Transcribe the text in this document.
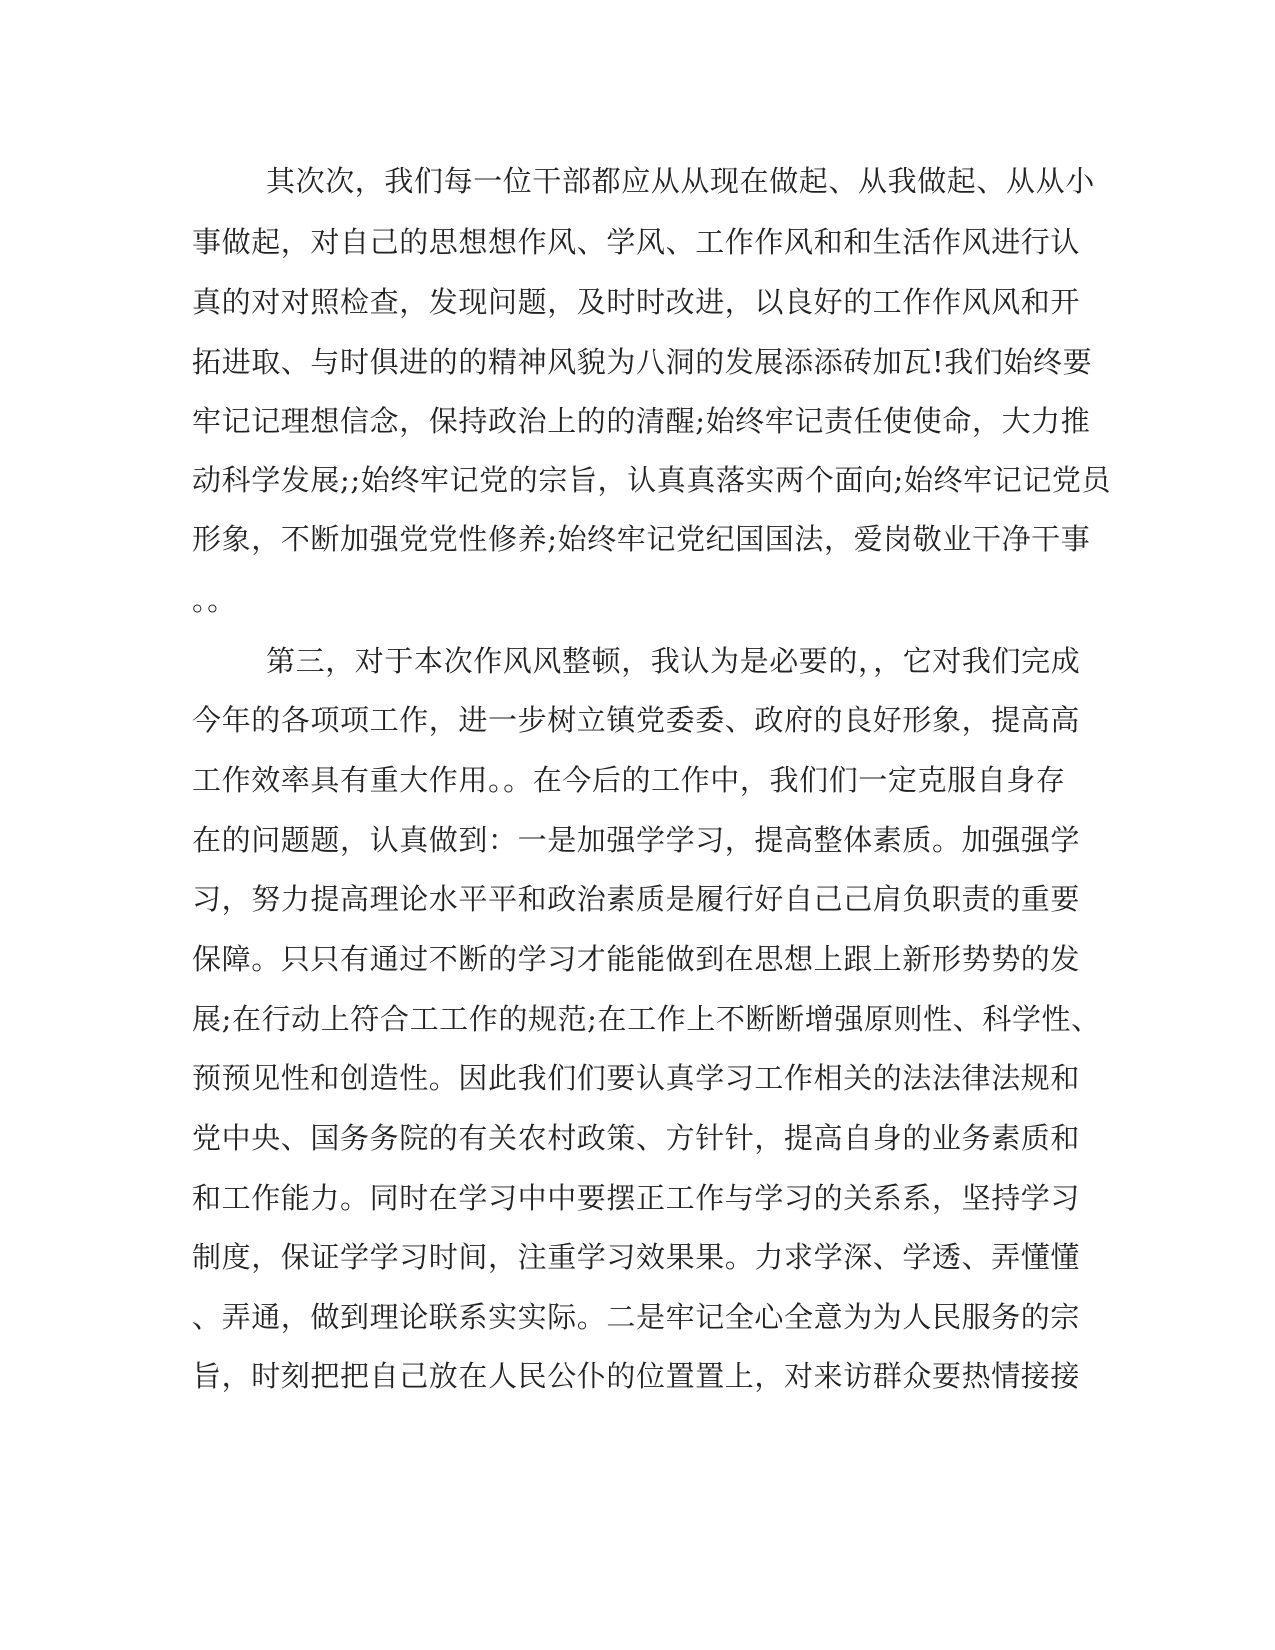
其次次，我们每一位干部都应从从现在做起、从我做起、从从小
事做起，对自己的思想想作风、学风、工作作风和和生活作风进行认
真的对对照检查，发现问题，及时时改进，以良好的工作作风风和开
拓进取、与时俱进的的精神风貌为八洞的发展添添砖加瓦!我们始终要
牢记记理想信念，保持政治上的的清醒;始终牢记责任使使命，大力推
动科学发展;;始终牢记党的宗旨，认真真落实两个面向;始终牢记记党员
形象，不断加强党党性修养;始终牢记党纪国国法，爱岗敬业干净干事
。。
第三，对于本次作风风整顿，我认为是必要的，，它对我们完成
今年的各项项工作，进一步树立镇党委委、政府的良好形象，提高高
工作效率具有重大作用。。在今后的工作中，我们们一定克服自身存
在的问题题，认真做到：一是加强学学习，提高整体素质。加强强学
习，努力提高理论水平平和政治素质是履行好自己己肩负职责的重要
保障。只只有通过不断的学习才能能做到在思想上跟上新形势势的发
展;在行动上符合工工作的规范;在工作上不断断增强原则性、科学性、
预预见性和创造性。因此我们们要认真学习工作相关的法法律法规和
党中央、国务务院的有关农村政策、方针针，提高自身的业务素质和
和工作能力。同时在学习中中要摆正工作与学习的关系系，坚持学习
制度，保证学学习时间，注重学习效果果。力求学深、学透、弄懂懂
、弄通，做到理论联系实实际。二是牢记全心全意为为人民服务的宗
旨，时刻把把自己放在人民公仆的位置置上，对来访群众要热情接接
